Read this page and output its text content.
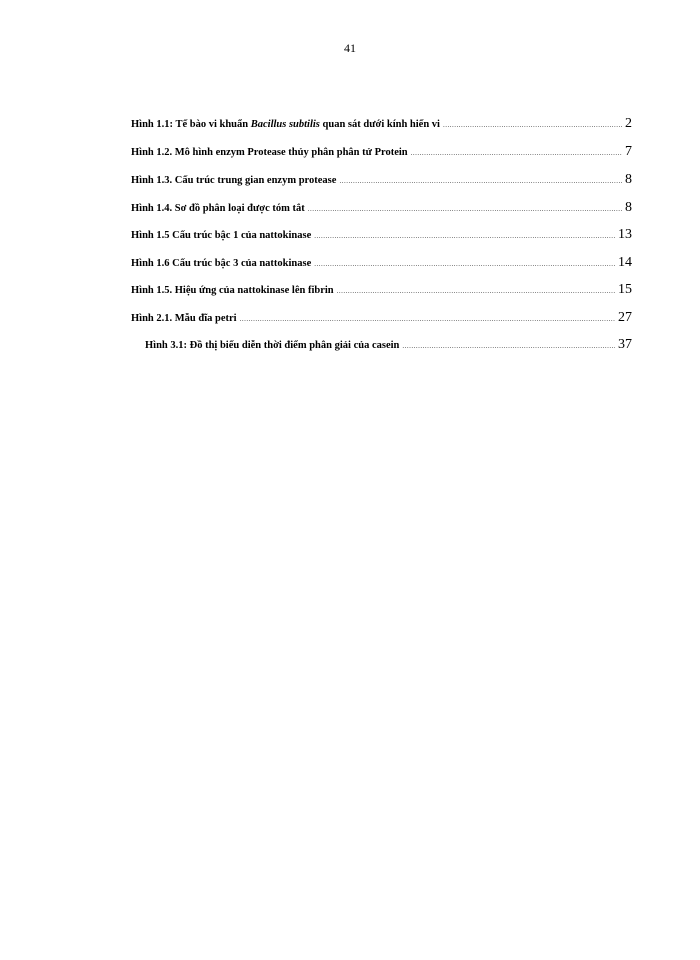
41
Hình 1.1: Tế bào vi khuẩn Bacillus subtilis quan sát dưới kính hiển vi .....	2
Hình 1.2. Mô hình enzym Protease thủy phân phân tử Protein .....	7
Hình 1.3. Cấu trúc trung gian enzym protease .....	8
Hình 1.4. Sơ đồ phân loại được tóm tắt .....	8
Hình 1.5 Cấu trúc bậc 1 của nattokinase .....	13
Hình 1.6 Cấu trúc bậc 3 của nattokinase .....	14
Hình 1.5. Hiệu ứng của nattokinase lên fibrin .....	15
Hình 2.1. Mẫu đĩa petri .....	27
Hình 3.1: Đồ thị biểu diễn thời điểm phân giải của casein .....	37
